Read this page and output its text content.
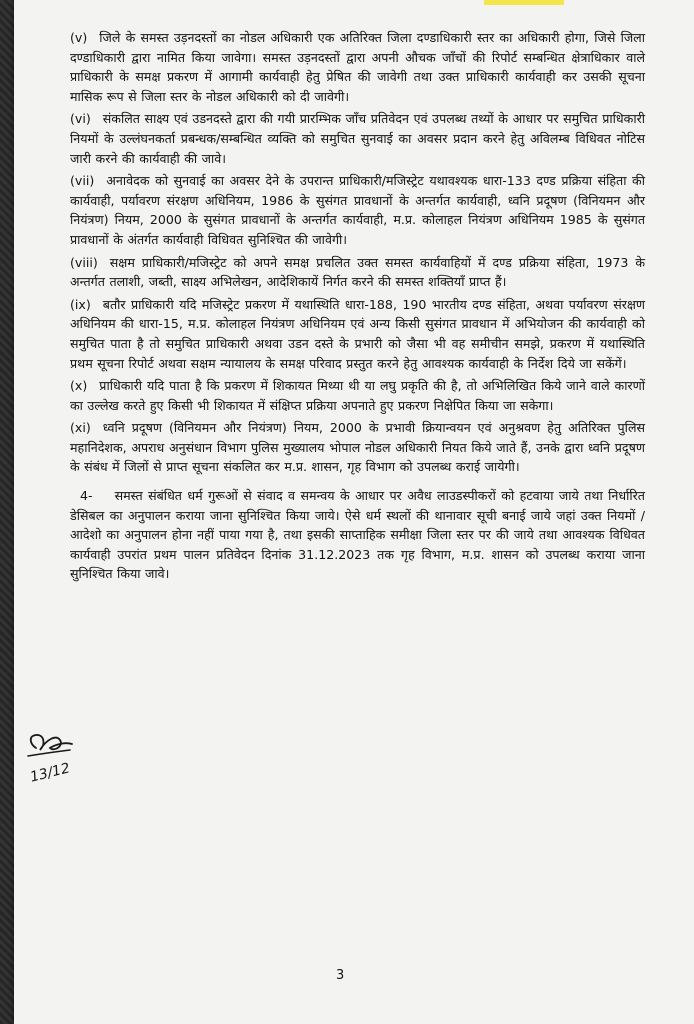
(v) जिले के समस्त उड़नदस्तों का नोडल अधिकारी एक अतिरिक्त जिला दण्डाधिकारी स्तर का अधिकारी होगा, जिसे जिला दण्डाधिकारी द्वारा नामित किया जावेगा। समस्त उड़नदस्तों द्वारा अपनी औचक जाँचों की रिपोर्ट सम्बन्धित क्षेत्राधिकार वाले प्राधिकारी के समक्ष प्रकरण में आगामी कार्यवाही हेतु प्रेषित की जावेगी तथा उक्त प्राधिकारी कार्यवाही कर उसकी सूचना मासिक रूप से जिला स्तर के नोडल अधिकारी को दी जावेगी।

(vi) संकलित साक्ष्य एवं उडनदस्ते द्वारा की गयी प्रारम्भिक जाँच प्रतिवेदन एवं उपलब्ध तथ्यों के आधार पर समुचित प्राधिकारी नियमों के उल्लंघनकर्ता प्रबन्धक/सम्बन्धित व्यक्ति को समुचित सुनवाई का अवसर प्रदान करने हेतु अविलम्ब विधिवत नोटिस जारी करने की कार्यवाही की जावे।

(vii) अनावेदक को सुनवाई का अवसर देने के उपरान्त प्राधिकारी/मजिस्ट्रेट यथावश्यक धारा-133 दण्ड प्रक्रिया संहिता की कार्यवाही, पर्यावरण संरक्षण अधिनियम, 1986 के सुसंगत प्रावधानों के अन्तर्गत कार्यवाही, ध्वनि प्रदूषण (विनियमन और नियंत्रण) नियम, 2000 के सुसंगत प्रावधानों के अन्तर्गत कार्यवाही, म.प्र. कोलाहल नियंत्रण अधिनियम 1985 के सुसंगत प्रावधानों के अंतर्गत कार्यवाही विधिवत सुनिश्चित की जावेगी।

(viii) सक्षम प्राधिकारी/मजिस्ट्रेट को अपने समक्ष प्रचलित उक्त समस्त कार्यवाहियों में दण्ड प्रक्रिया संहिता, 1973 के अन्तर्गत तलाशी, जब्ती, साक्ष्य अभिलेखन, आदेशिकायें निर्गत करने की समस्त शक्तियाँ प्राप्त हैं।

(ix) बतौर प्राधिकारी यदि मजिस्ट्रेट प्रकरण में यथास्थिति धारा-188, 190 भारतीय दण्ड संहिता, अथवा पर्यावरण संरक्षण अधिनियम की धारा-15, म.प्र. कोलाहल नियंत्रण अधिनियम एवं अन्य किसी सुसंगत प्रावधान में अभियोजन की कार्यवाही को समुचित पाता है तो समुचित प्राधिकारी अथवा उडन दस्ते के प्रभारी को जैसा भी वह समीचीन समझे, प्रकरण में यथास्थिति प्रथम सूचना रिपोर्ट अथवा सक्षम न्यायालय के समक्ष परिवाद प्रस्तुत करने हेतु आवश्यक कार्यवाही के निर्देश दिये जा सकेंगें।

(x) प्राधिकारी यदि पाता है कि प्रकरण में शिकायत मिथ्या थी या लघु प्रकृति की है, तो अभिलिखित किये जाने वाले कारणों का उल्लेख करते हुए किसी भी शिकायत में संक्षिप्त प्रक्रिया अपनाते हुए प्रकरण निक्षेपित किया जा सकेगा।

(xi) ध्वनि प्रदूषण (विनियमन और नियंत्रण) नियम, 2000 के प्रभावी क्रियान्वयन एवं अनुश्रवण हेतु अतिरिक्त पुलिस महानिदेशक, अपराध अनुसंधान विभाग पुलिस मुख्यालय भोपाल नोडल अधिकारी नियत किये जाते हैं, उनके द्वारा ध्वनि प्रदूषण के संबंध में जिलों से प्राप्त सूचना संकलित कर म.प्र. शासन, गृह विभाग को उपलब्ध कराई जायेगी।

4- समस्त संबंधित धर्म गुरूओं से संवाद व समन्वय के आधार पर अवैध लाउडस्पीकरों को हटवाया जाये तथा निर्धारित डेसिबल का अनुपालन कराया जाना सुनिश्चित किया जाये। ऐसे धर्म स्थलों की थानावार सूची बनाई जाये जहां उक्त नियमों / आदेशो का अनुपालन होना नहीं पाया गया है, तथा इसकी साप्ताहिक समीक्षा जिला स्तर पर की जाये तथा आवश्यक विधिवत कार्यवाही उपरांत प्रथम पालन प्रतिवेदन दिनांक 31.12.2023 तक गृह विभाग, म.प्र. शासन को उपलब्ध कराया जाना सुनिश्चित किया जावे।

13/12
3
